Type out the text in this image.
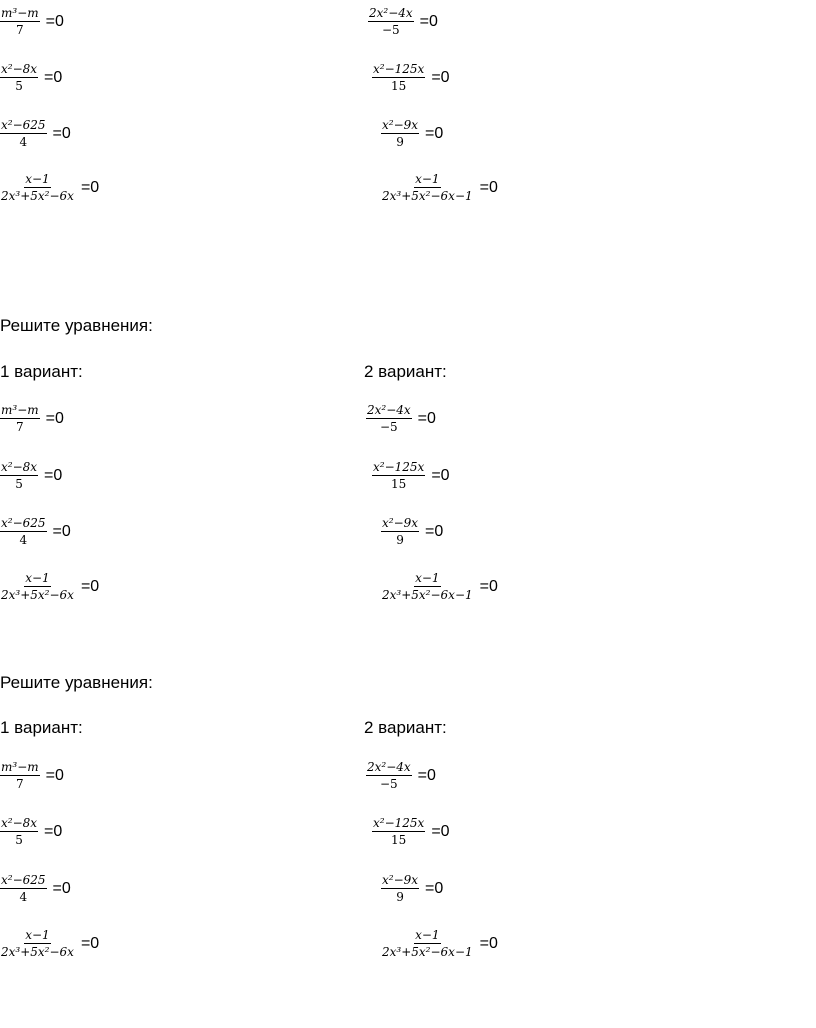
$\frac{\text{m³−m}}{7} =0$	$\frac{\text{2x²−4x}}{-5} =0$
$\frac{\text{x²−8x}}{5} =0$	$\frac{\text{x²−125x}}{15} =0$
$\frac{\text{x²−625}}{4} =0$	$\frac{\text{x²−9x}}{9} =0$
$\frac{x-1}{\text{2x³+5x²−6x}} =0$	$\frac{x-1}{\text{2x³+5x²−6x−1}} =0$
Решите уравнения:
1 вариант:	2 вариант:
$\frac{\text{m³−m}}{7} =0$	$\frac{\text{2x²−4x}}{-5} =0$
$\frac{\text{x²−8x}}{5} =0$	$\frac{\text{x²−125x}}{15} =0$
$\frac{\text{x²−625}}{4} =0$	$\frac{\text{x²−9x}}{9} =0$
$\frac{x-1}{\text{2x³+5x²−6x}} =0$	$\frac{x-1}{\text{2x³+5x²−6x−1}} =0$
Решите уравнения:
1 вариант:	2 вариант:
$\frac{\text{m³−m}}{7} =0$	$\frac{\text{2x²−4x}}{-5} =0$
$\frac{\text{x²−8x}}{5} =0$	$\frac{\text{x²−125x}}{15} =0$
$\frac{\text{x²−625}}{4} =0$	$\frac{\text{x²−9x}}{9} =0$
$\frac{x-1}{\text{2x³+5x²−6x}} =0$	$\frac{x-1}{\text{2x³+5x²−6x−1}} =0$
